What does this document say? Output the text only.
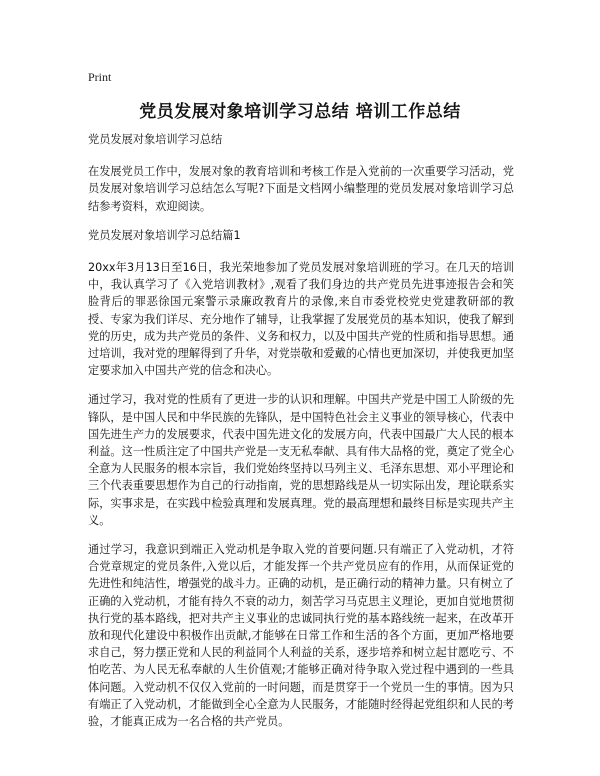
Print
党员发展对象培训学习总结 培训工作总结

党员发展对象培训学习总结

在发展党员工作中，发展对象的教育培训和考核工作是入党前的一次重要学习活动，党员发展对象培训学习总结怎么写呢?下面是文档网小编整理的党员发展对象培训学习总结参考资料，欢迎阅读。

党员发展对象培训学习总结篇1

20xx年3月13日至16日，我光荣地参加了党员发展对象培训班的学习。在几天的培训中，我认真学习了《入党培训教材》,观看了我们身边的共产党员先进事迹报告会和笑脸背后的罪恶徐国元案警示录廉政教育片的录像,来自市委党校党史党建教研部的教授、专家为我们详尽、充分地作了辅导，让我掌握了发展党员的基本知识，使我了解到党的历史，成为共产党员的条件、义务和权力，以及中国共产党的性质和指导思想。通过培训，我对党的理解得到了升华，对党崇敬和爱戴的心情也更加深切，并使我更加坚定要求加入中国共产党的信念和决心。

通过学习，我对党的性质有了更进一步的认识和理解。中国共产党是中国工人阶级的先锋队，是中国人民和中华民族的先锋队，是中国特色社会主义事业的领导核心，代表中国先进生产力的发展要求，代表中国先进文化的发展方向，代表中国最广大人民的根本利益。这一性质注定了中国共产党是一支无私奉献、具有伟大品格的党，奠定了党全心全意为人民服务的根本宗旨，我们党始终坚持以马列主义、毛泽东思想、邓小平理论和三个代表重要思想作为自己的行动指南，党的思想路线是从一切实际出发，理论联系实际，实事求是，在实践中检验真理和发展真理。党的最高理想和最终目标是实现共产主义。

通过学习，我意识到端正入党动机是争取入党的首要问题.只有端正了入党动机，才符合党章规定的党员条件,入党以后，才能发挥一个共产党员应有的作用，从而保证党的先进性和纯洁性，增强党的战斗力。正确的动机，是正确行动的精神力量。只有树立了正确的入党动机，才能有持久不衰的动力，刻苦学习马克思主义理论，更加自觉地贯彻执行党的基本路线，把对共产主义事业的忠诚同执行党的基本路线统一起来，在改革开放和现代化建设中积极作出贡献,才能够在日常工作和生活的各个方面，更加严格地要求自己，努力摆正党和人民的利益同个人利益的关系，逐步培养和树立起甘愿吃亏、不怕吃苦、为人民无私奉献的人生价值观;才能够正确对待争取入党过程中遇到的一些具体问题。入党动机不仅仅入党前的一时问题，而是贯穿于一个党员一生的事情。因为只有端正了入党动机，才能做到全心全意为人民服务，才能随时经得起党组织和人民的考验，才能真正成为一名合格的共产党员。
